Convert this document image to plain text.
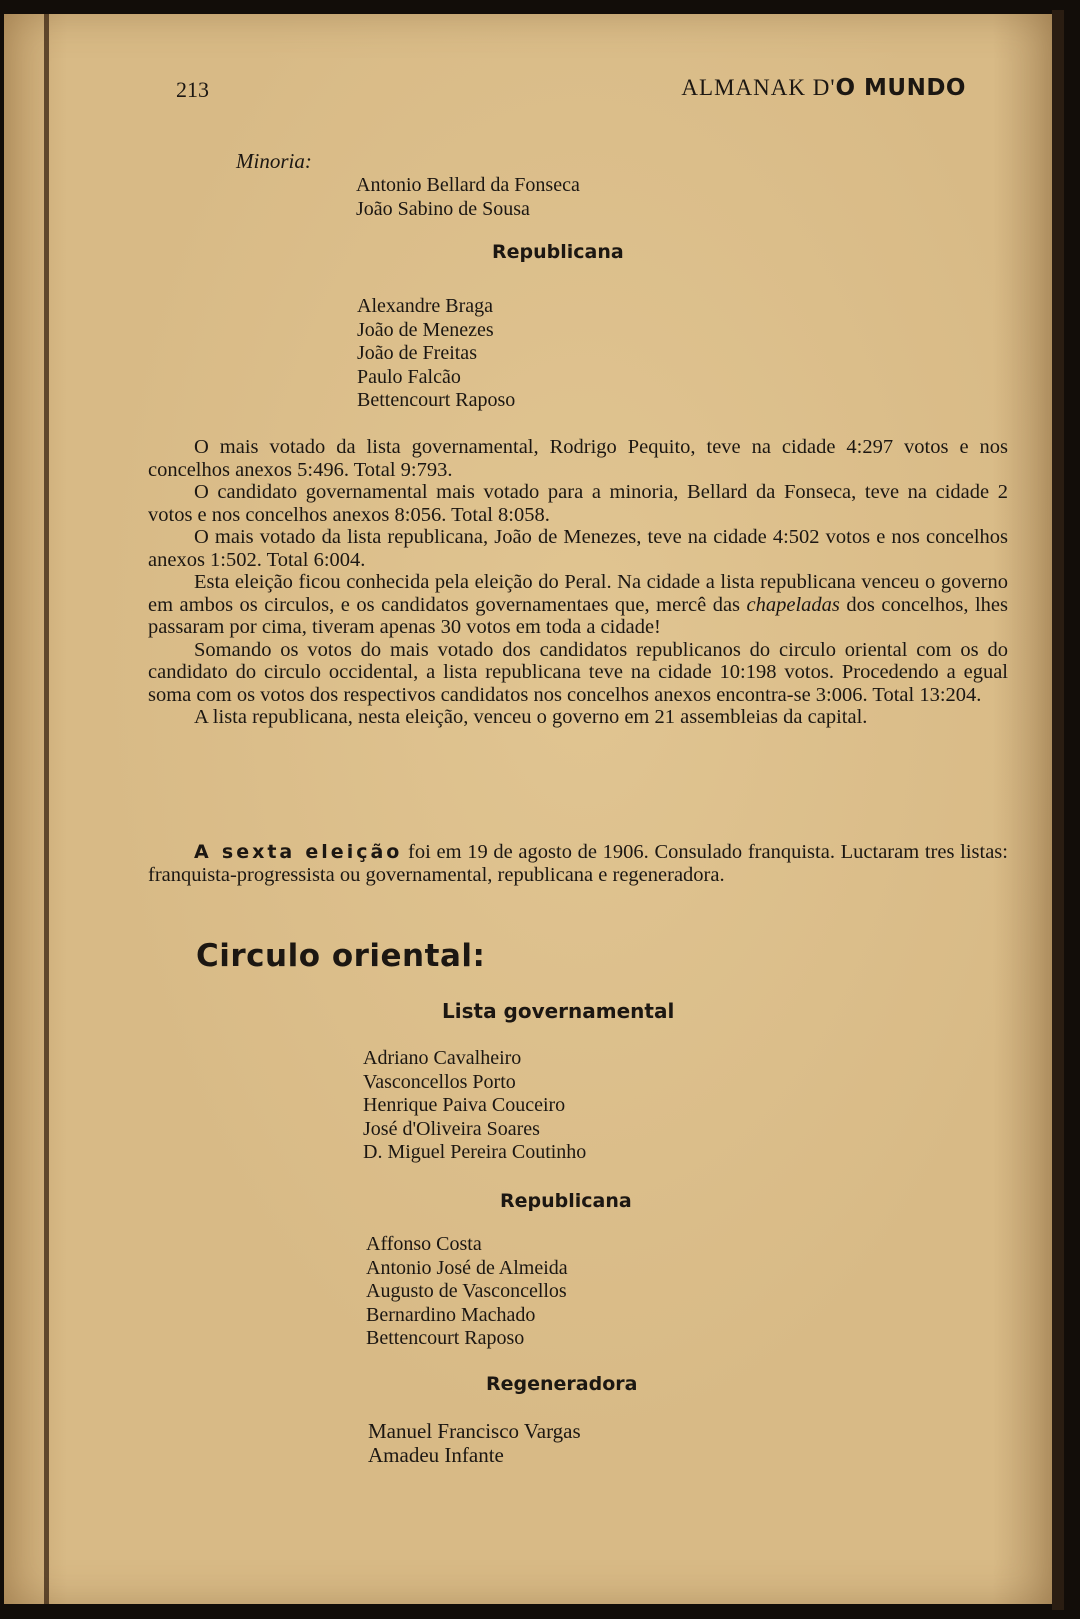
213	ALMANAK D'O MUNDO
Minoria:
Antonio Bellard da Fonseca
João Sabino de Sousa
Republicana
Alexandre Braga
João de Menezes
João de Freitas
Paulo Falcão
Bettencourt Raposo

O mais votado da lista governamental, Rodrigo Pequito, teve na cidade 4:297 votos e nos concelhos anexos 5:496. Total 9:793.

O candidato governamental mais votado para a minoria, Bellard da Fonseca, teve na cidade 2 votos e nos concelhos anexos 8:056. Total 8:058.

O mais votado da lista republicana, João de Menezes, teve na cidade 4:502 votos e nos concelhos anexos 1:502. Total 6:004.

Esta eleição ficou conhecida pela eleição do Peral. Na cidade a lista republicana venceu o governo em ambos os circulos, e os candidatos governamentaes que, mercê das chapeladas dos concelhos, lhes passaram por cima, tiveram apenas 30 votos em toda a cidade!

Somando os votos do mais votado dos candidatos republicanos do circulo oriental com os do candidato do circulo occidental, a lista republicana teve na cidade 10:198 votos. Procedendo a egual soma com os votos dos respectivos candidatos nos concelhos anexos encontra-se 3:006. Total 13:204.

A lista republicana, nesta eleição, venceu o governo em 21 assembleias da capital.

A sexta eleição foi em 19 de agosto de 1906. Consulado franquista. Luctaram tres listas: franquista-progressista ou governamental, republicana e regeneradora.

Circulo oriental:
Lista governamental
Adriano Cavalheiro
Vasconcellos Porto
Henrique Paiva Couceiro
José d'Oliveira Soares
D. Miguel Pereira Coutinho
Republicana
Affonso Costa
Antonio José de Almeida
Augusto de Vasconcellos
Bernardino Machado
Bettencourt Raposo
Regeneradora
Manuel Francisco Vargas
Amadeu Infante
